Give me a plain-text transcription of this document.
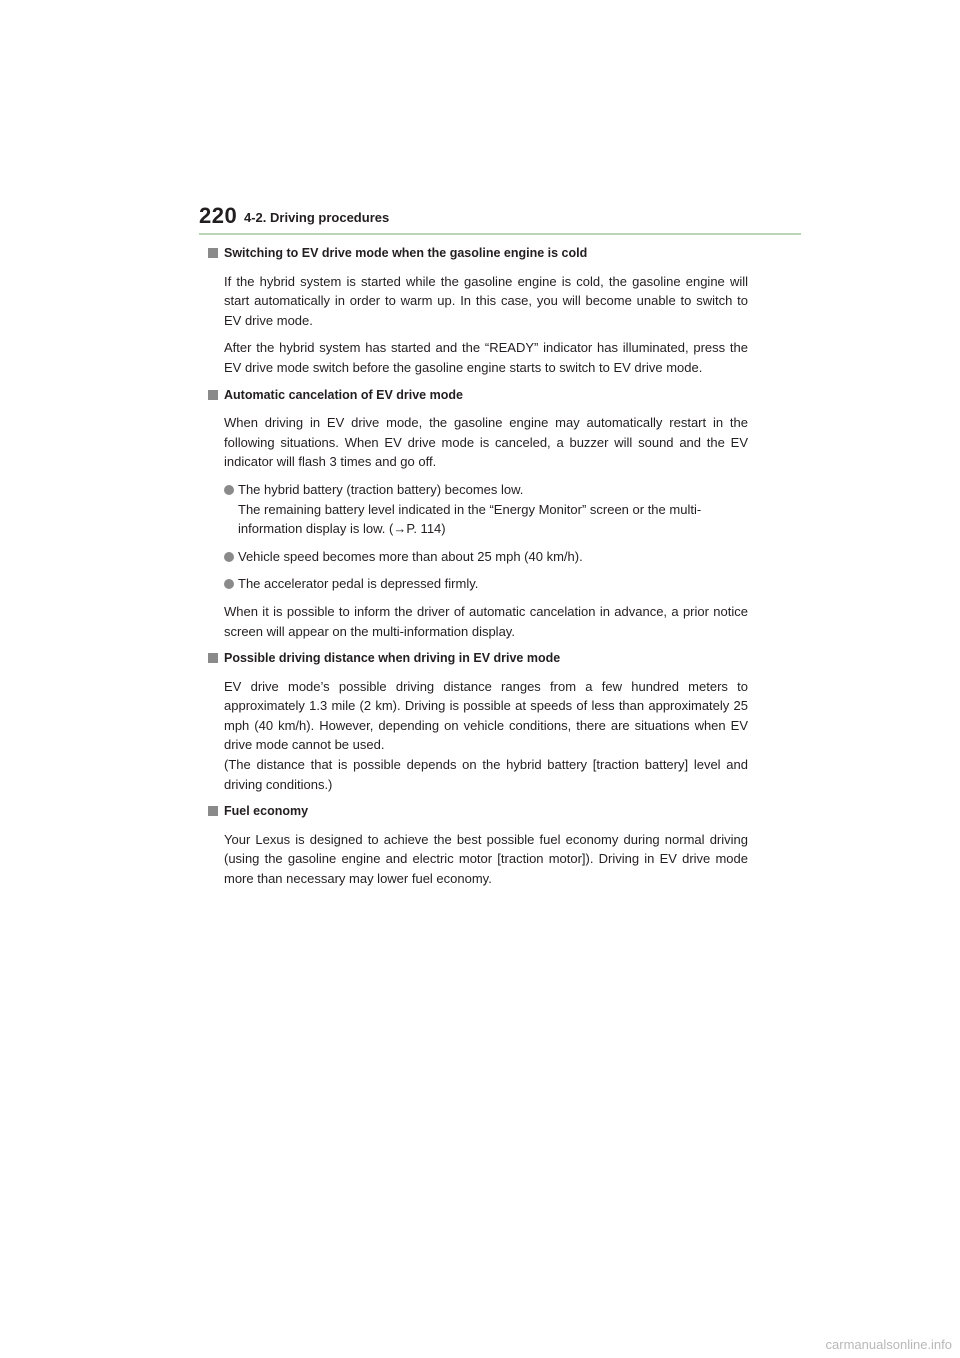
220 4-2. Driving procedures

Switching to EV drive mode when the gasoline engine is cold

If the hybrid system is started while the gasoline engine is cold, the gasoline engine will start automatically in order to warm up. In this case, you will become unable to switch to EV drive mode.

After the hybrid system has started and the “READY” indicator has illuminated, press the EV drive mode switch before the gasoline engine starts to switch to EV drive mode.

Automatic cancelation of EV drive mode

When driving in EV drive mode, the gasoline engine may automatically restart in the following situations. When EV drive mode is canceled, a buzzer will sound and the EV indicator will flash 3 times and go off.

The hybrid battery (traction battery) becomes low.
The remaining battery level indicated in the “Energy Monitor” screen or the multi-information display is low. (→P. 114)
Vehicle speed becomes more than about 25 mph (40 km/h).
The accelerator pedal is depressed firmly.

When it is possible to inform the driver of automatic cancelation in advance, a prior notice screen will appear on the multi-information display.

Possible driving distance when driving in EV drive mode

EV drive mode’s possible driving distance ranges from a few hundred meters to approximately 1.3 mile (2 km). Driving is possible at speeds of less than approximately 25 mph (40 km/h). However, depending on vehicle conditions, there are situations when EV drive mode cannot be used.
(The distance that is possible depends on the hybrid battery [traction battery] level and driving conditions.)

Fuel economy

Your Lexus is designed to achieve the best possible fuel economy during normal driving (using the gasoline engine and electric motor [traction motor]). Driving in EV drive mode more than necessary may lower fuel economy.

carmanualsonline.info
